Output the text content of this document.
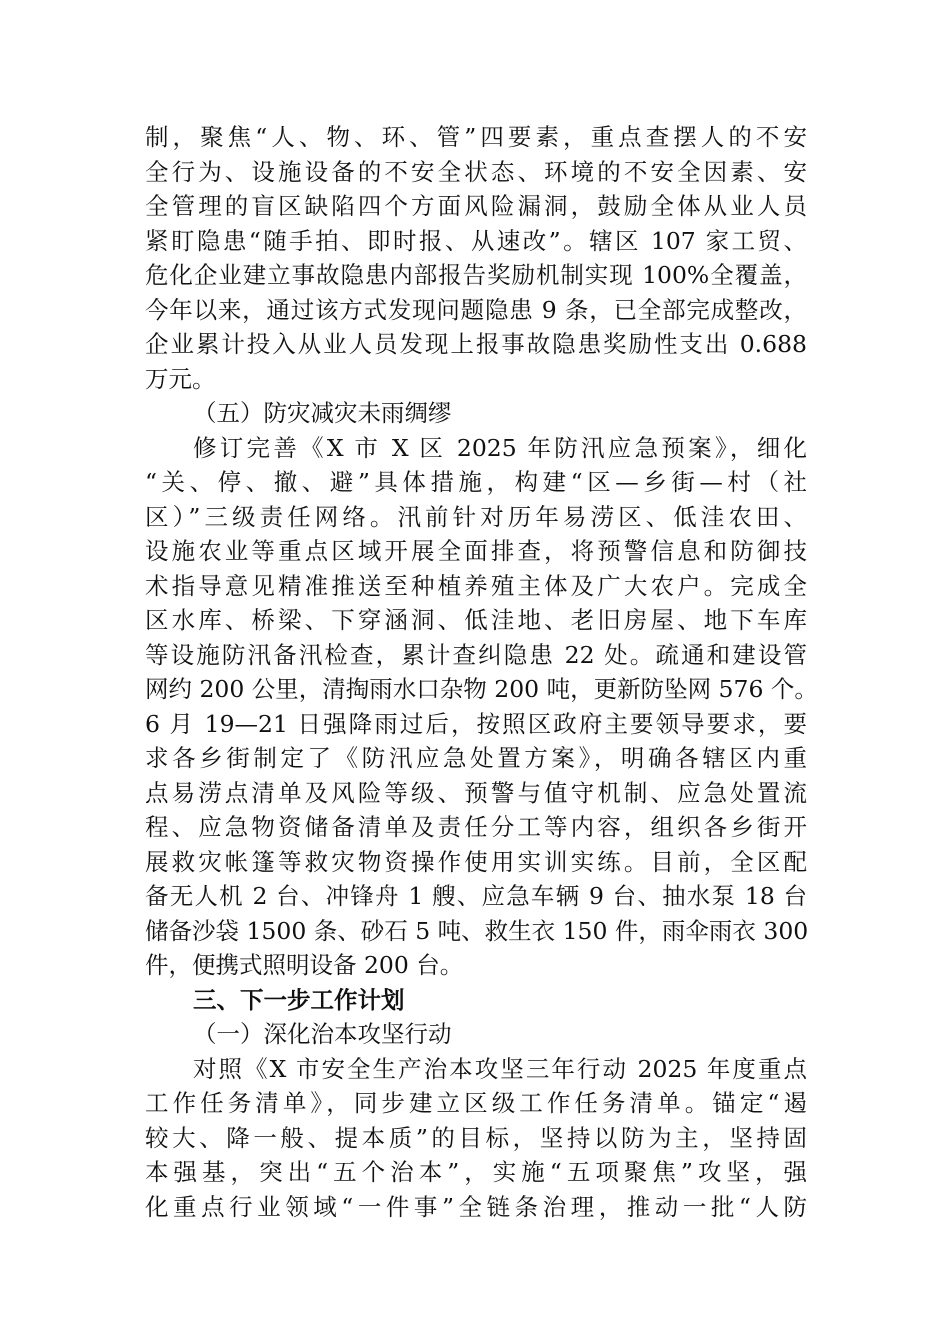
制，聚焦“人、物、环、管”四要素，重点查摆人的不安
全行为、设施设备的不安全状态、环境的不安全因素、安
全管理的盲区缺陷四个方面风险漏洞，鼓励全体从业人员
紧盯隐患“随手拍、即时报、从速改”。辖区 107 家工贸、
危化企业建立事故隐患内部报告奖励机制实现 100%全覆盖，
今年以来，通过该方式发现问题隐患 9 条，已全部完成整改，
企业累计投入从业人员发现上报事故隐患奖励性支出 0.688
万元。
（五）防灾减灾未雨绸缪
修订完善《X 市 X 区 2025 年防汛应急预案》，细化
“关、停、撤、避”具体措施，构建“区—乡街—村（社
区）”三级责任网络。汛前针对历年易涝区、低洼农田、
设施农业等重点区域开展全面排查，将预警信息和防御技
术指导意见精准推送至种植养殖主体及广大农户。完成全
区水库、桥梁、下穿涵洞、低洼地、老旧房屋、地下车库
等设施防汛备汛检查，累计查纠隐患 22 处。疏通和建设管
网约 200 公里，清掏雨水口杂物 200 吨，更新防坠网 576 个。
6 月 19—21 日强降雨过后，按照区政府主要领导要求，要
求各乡街制定了《防汛应急处置方案》，明确各辖区内重
点易涝点清单及风险等级、预警与值守机制、应急处置流
程、应急物资储备清单及责任分工等内容，组织各乡街开
展救灾帐篷等救灾物资操作使用实训实练。目前，全区配
备无人机 2 台、冲锋舟 1 艘、应急车辆 9 台、抽水泵 18 台
储备沙袋 1500 条、砂石 5 吨、救生衣 150 件，雨伞雨衣 300
件，便携式照明设备 200 台。
三、下一步工作计划
（一）深化治本攻坚行动
对照《X 市安全生产治本攻坚三年行动 2025 年度重点
工作任务清单》，同步建立区级工作任务清单。锚定“遏
较大、降一般、提本质”的目标，坚持以防为主，坚持固
本强基，突出“五个治本”，实施“五项聚焦”攻坚，强
化重点行业领域“一件事”全链条治理，推动一批“人防
